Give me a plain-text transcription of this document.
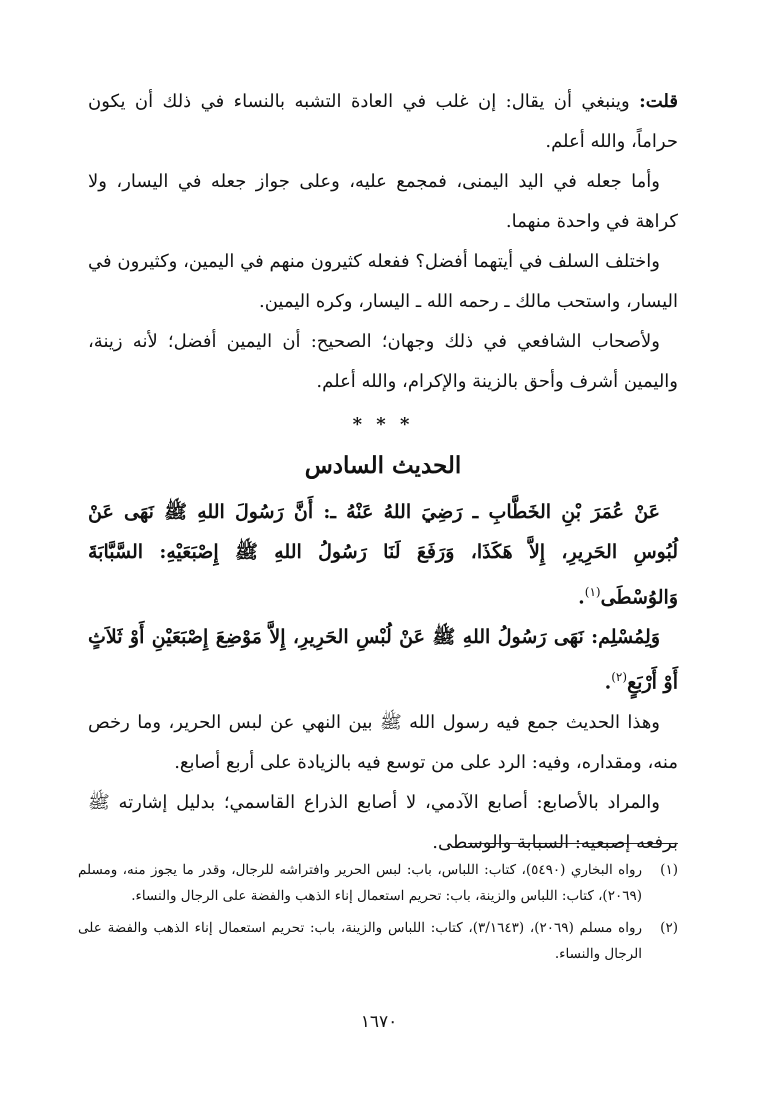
قلت: وينبغي أن يقال: إن غلب في العادة التشبه بالنساء في ذلك أن يكون حراماً، والله أعلم.

وأما جعله في اليد اليمنى، فمجمع عليه، وعلى جواز جعله في اليسار، ولا كراهة في واحدة منهما.

واختلف السلف في أيتهما أفضل؟ ففعله كثيرون منهم في اليمين، وكثيرون في اليسار، واستحب مالك ـ رحمه الله ـ اليسار، وكره اليمين.

ولأصحاب الشافعي في ذلك وجهان؛ الصحيح: أن اليمين أفضل؛ لأنه زينة، واليمين أشرف وأحق بالزينة والإكرام، والله أعلم.

* * *
الحديث السادس

عَنْ عُمَرَ بْنِ الخَطَّابِ ـ رَضِيَ اللهُ عَنْهُ ـ: أَنَّ رَسُولَ اللهِ ﷺ نَهَى عَنْ لُبُوسِ الحَرِيرِ، إِلاَّ هَكَذَا، وَرَفَعَ لَنَا رَسُولُ اللهِ ﷺ إِصْبَعَيْهِ: السَّبَّابَةَ وَالوُسْطَى$^{(١)}$.

وَلِمُسْلِم: نَهَى رَسُولُ اللهِ ﷺ عَنْ لُبْسِ الحَرِيرِ، إِلاَّ مَوْضِعَ إِصْبَعَيْنِ أَوْ ثَلاَثٍ أَوْ أَرْبَعٍ$^{(٢)}$.

وهذا الحديث جمع فيه رسول الله ﷺ بين النهي عن لبس الحرير، وما رخص منه، ومقداره، وفيه: الرد على من توسع فيه بالزيادة على أربع أصابع.

والمراد بالأصابع: أصابع الآدمي، لا أصابع الذراع القاسمي؛ بدليل إشارته ﷺ برفعه إصبعيه: السبابة والوسطى.

(١)
رواه البخاري (٥٤٩٠)، كتاب: اللباس، باب: لبس الحرير وافتراشه للرجال، وقدر ما يجوز منه، ومسلم (٢٠٦٩)، كتاب: اللباس والزينة، باب: تحريم استعمال إناء الذهب والفضة على الرجال والنساء.
(٢)
رواه مسلم (٢٠٦٩)، (٣/١٦٤٣)، كتاب: اللباس والزينة، باب: تحريم استعمال إناء الذهب والفضة على الرجال والنساء.
١٦٧٠
